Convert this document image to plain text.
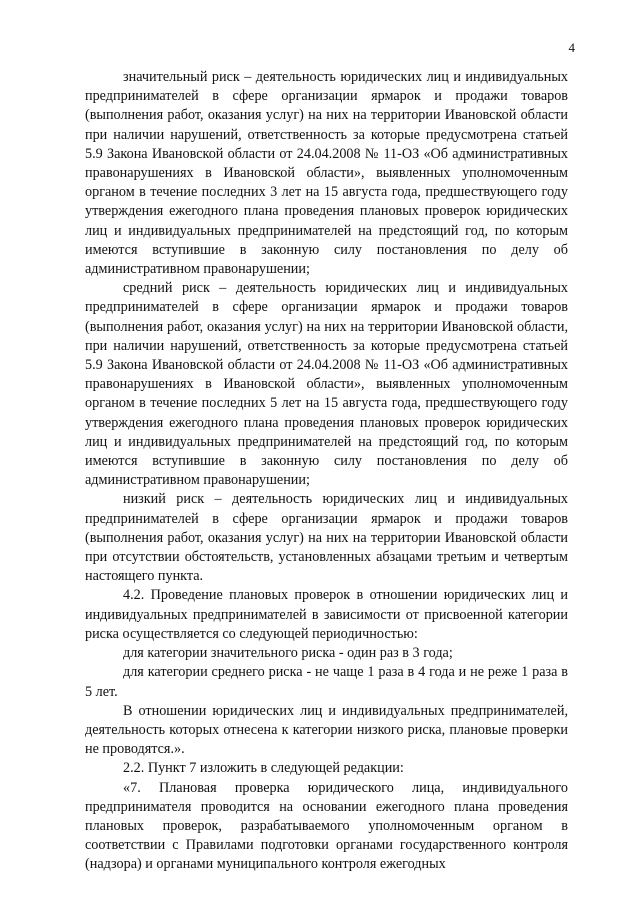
4

значительный риск – деятельность юридических лиц и индивидуальных предпринимателей в сфере организации ярмарок и продажи товаров (выполнения работ, оказания услуг) на них на территории Ивановской области при наличии нарушений, ответственность за которые предусмотрена статьей 5.9 Закона Ивановской области от 24.04.2008 № 11-ОЗ «Об административных правонарушениях в Ивановской области», выявленных уполномоченным органом в течение последних 3 лет на 15 августа года, предшествующего году утверждения ежегодного плана проведения плановых проверок юридических лиц и индивидуальных предпринимателей на предстоящий год, по которым имеются вступившие в законную силу постановления по делу об административном правонарушении;

средний риск – деятельность юридических лиц и индивидуальных предпринимателей в сфере организации ярмарок и продажи товаров (выполнения работ, оказания услуг) на них на территории Ивановской области, при наличии нарушений, ответственность за которые предусмотрена статьей 5.9 Закона Ивановской области от 24.04.2008 № 11-ОЗ «Об административных правонарушениях в Ивановской области», выявленных уполномоченным органом в течение последних 5 лет на 15 августа года, предшествующего году утверждения ежегодного плана проведения плановых проверок юридических лиц и индивидуальных предпринимателей на предстоящий год, по которым имеются вступившие в законную силу постановления по делу об административном правонарушении;

низкий риск – деятельность юридических лиц и индивидуальных предпринимателей в сфере организации ярмарок и продажи товаров (выполнения работ, оказания услуг) на них на территории Ивановской области при отсутствии обстоятельств, установленных абзацами третьим и четвертым настоящего пункта.

4.2. Проведение плановых проверок в отношении юридических лиц и индивидуальных предпринимателей в зависимости от присвоенной категории риска осуществляется со следующей периодичностью:

для категории значительного риска - один раз в 3 года;

для категории среднего риска - не чаще 1 раза в 4 года и не реже 1 раза в 5 лет.

В отношении юридических лиц и индивидуальных предпринимателей, деятельность которых отнесена к категории низкого риска, плановые проверки не проводятся.».

2.2. Пункт 7 изложить в следующей редакции:

«7. Плановая проверка юридического лица, индивидуального предпринимателя проводится на основании ежегодного плана проведения плановых проверок, разрабатываемого уполномоченным органом в соответствии с Правилами подготовки органами государственного контроля (надзора) и органами муниципального контроля ежегодных
